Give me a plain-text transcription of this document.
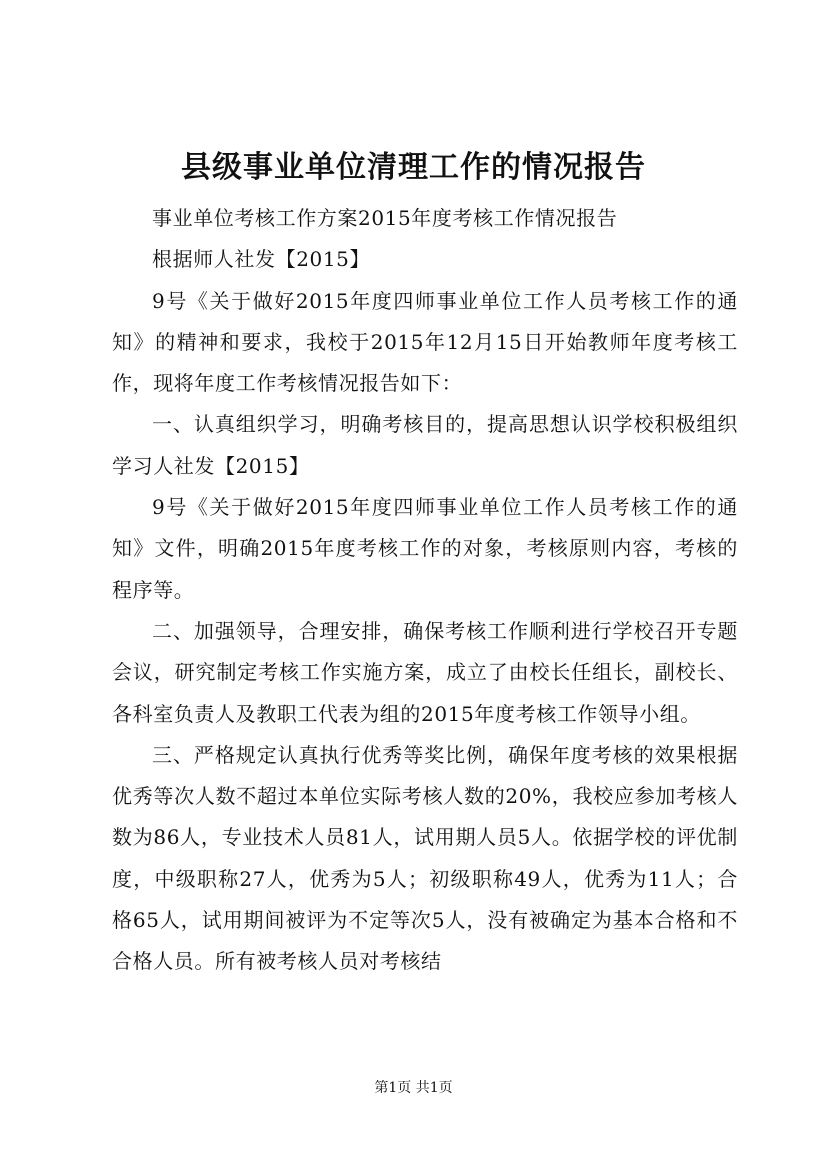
县级事业单位清理工作的情况报告

事业单位考核工作方案2015年度考核工作情况报告

根据师人社发【2015】

9号《关于做好2015年度四师事业单位工作人员考核工作的通知》的精神和要求，我校于2015年12月15日开始教师年度考核工作，现将年度工作考核情况报告如下：

一、认真组织学习，明确考核目的，提高思想认识学校积极组织学习人社发【2015】

9号《关于做好2015年度四师事业单位工作人员考核工作的通知》文件，明确2015年度考核工作的对象，考核原则内容，考核的程序等。

二、加强领导，合理安排，确保考核工作顺利进行学校召开专题会议，研究制定考核工作实施方案，成立了由校长任组长，副校长、各科室负责人及教职工代表为组的2015年度考核工作领导小组。

三、严格规定认真执行优秀等奖比例，确保年度考核的效果根据优秀等次人数不超过本单位实际考核人数的20%，我校应参加考核人数为86人，专业技术人员81人，试用期人员5人。依据学校的评优制度，中级职称27人，优秀为5人；初级职称49人，优秀为11人；合格65人，试用期间被评为不定等次5人，没有被确定为基本合格和不合格人员。所有被考核人员对考核结

第1页 共1页
